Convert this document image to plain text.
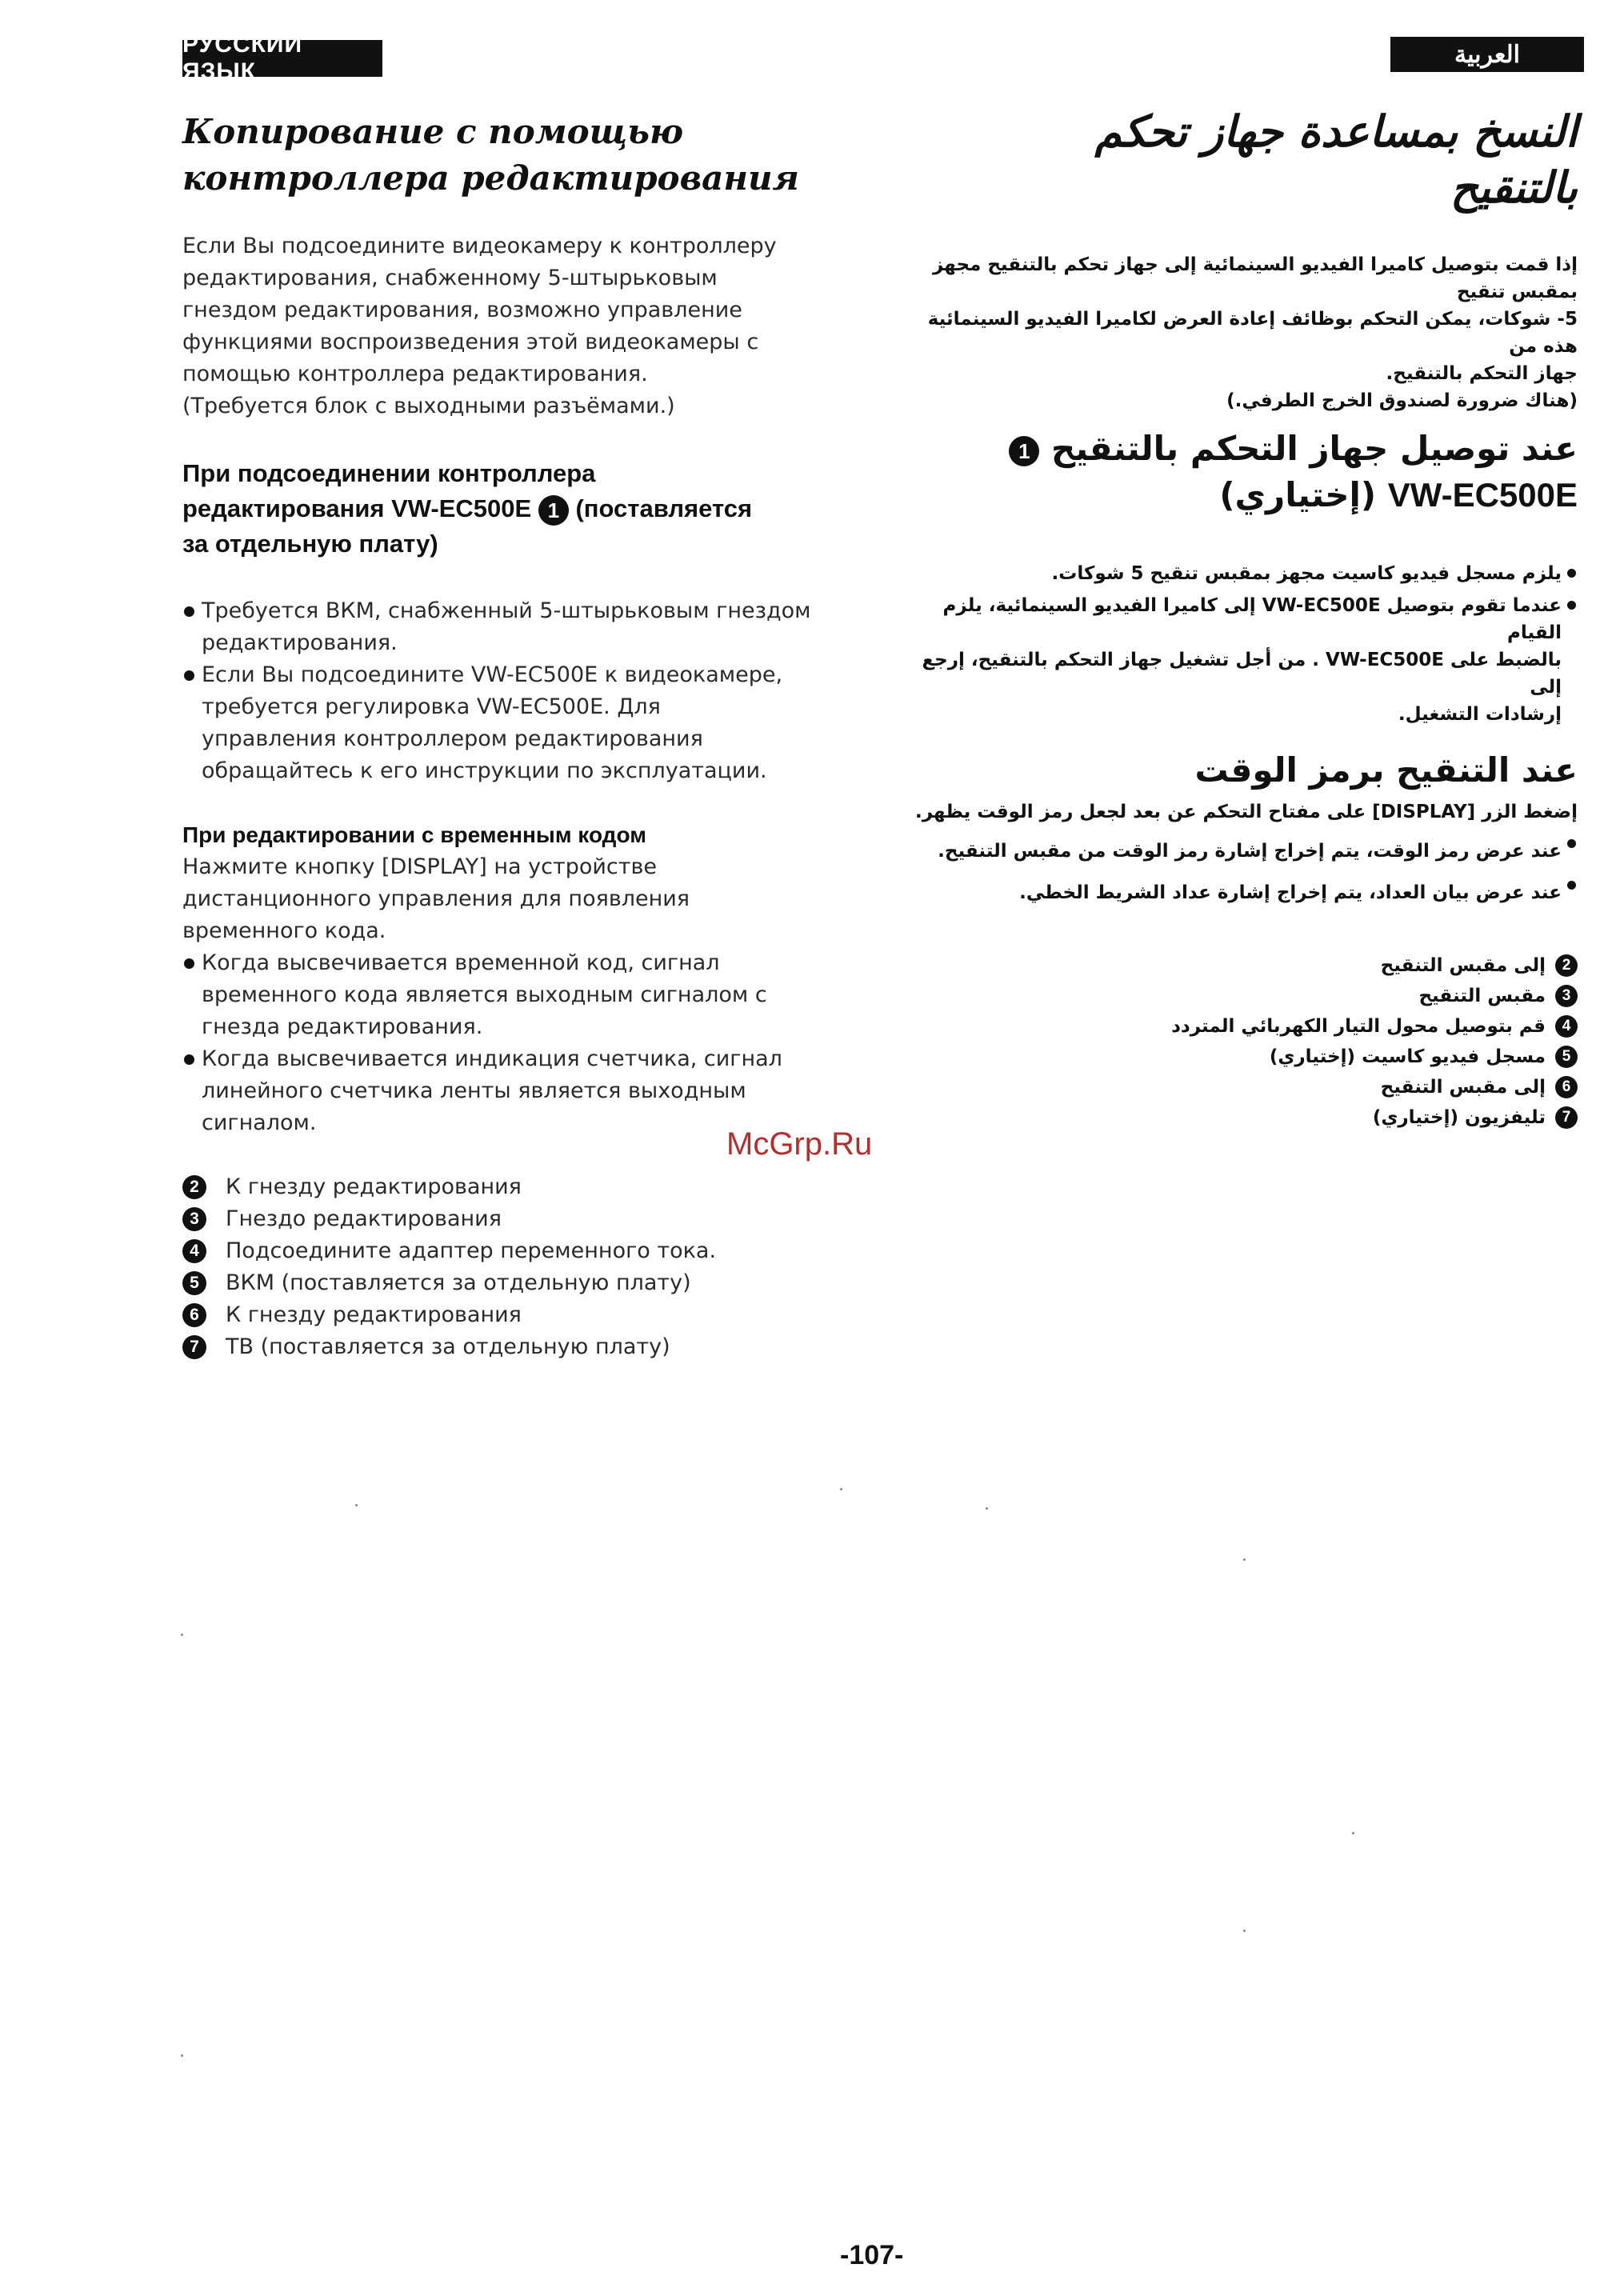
РУССКИЙ ЯЗЫК
العربية

Копирование с помощью

контроллера редактирования

Если Вы подсоедините видеокамеру к контроллеру

редактирования, снабженному 5-штырьковым

гнездом редактирования, возможно управление

функциями воспроизведения этой видеокамеры с

помощью контроллера редактирования.

(Требуется блок с выходными разъёмами.)

При подсоединении контроллера

редактирования VW-EC500E 1 (поставляется

за отдельную плату)

Требуется ВКМ, снабженный 5-штырьковым гнездом
редактирования.
Если Вы подсоедините VW-EC500E к видеокамере,
требуется регулировка VW-EC500E. Для
управления контроллером редактирования
обращайтесь к его инструкции по эксплуатации.

При редактировании с временным кодом

Нажмите кнопку [DISPLAY] на устройстве

дистанционного управления для появления

временного кода.

Когда высвечивается временной код, сигнал
временного кода является выходным сигналом с
гнезда редактирования.
Когда высвечивается индикация счетчика, сигнал
линейного счетчика ленты является выходным
сигналом.
2	К гнезду редактирования
3	Гнездо редактирования
4	Подсоедините адаптер переменного тока.
5	ВКМ (поставляется за отдельную плату)
6	К гнезду редактирования
7	ТВ (поставляется за отдельную плату)

النسخ بمساعدة جهاز تحكم

بالتنقيح

إذا قمت بتوصيل كاميرا الفيديو السينمائية إلى جهاز تحكم بالتنقيح مجهز بمقبس تنقيح

5- شوكات، يمكن التحكم بوظائف إعادة العرض لكاميرا الفيديو السينمائية هذه من

جهاز التحكم بالتنقيح.

(هناك ضرورة لصندوق الخرج الطرفي.)

عند توصيل جهاز التحكم بالتنقيح 1

VW-EC500E (إختياري)

يلزم مسجل فيديو كاسيت مجهز بمقبس تنقيح 5 شوكات.
عندما تقوم بتوصيل VW-EC500E إلى كاميرا الفيديو السينمائية، يلزم القيام
بالضبط على VW-EC500E . من أجل تشغيل جهاز التحكم بالتنقيح، إرجع إلى
إرشادات التشغيل.

عند التنقيح برمز الوقت

إضغط الزر [DISPLAY] على مفتاح التحكم عن بعد لجعل رمز الوقت يظهر.

عند عرض رمز الوقت، يتم إخراج إشارة رمز الوقت من مقبس التنقيح.
عند عرض بيان العداد، يتم إخراج إشارة عداد الشريط الخطي.
2
إلى مقبس التنقيح
3
مقبس التنقيح
4
قم بتوصيل محول التيار الكهربائي المتردد
5
مسجل فيديو كاسيت (إختياري)
6
إلى مقبس التنقيح
7
تليفزيون (إختياري)
McGrp.Ru
-107-
